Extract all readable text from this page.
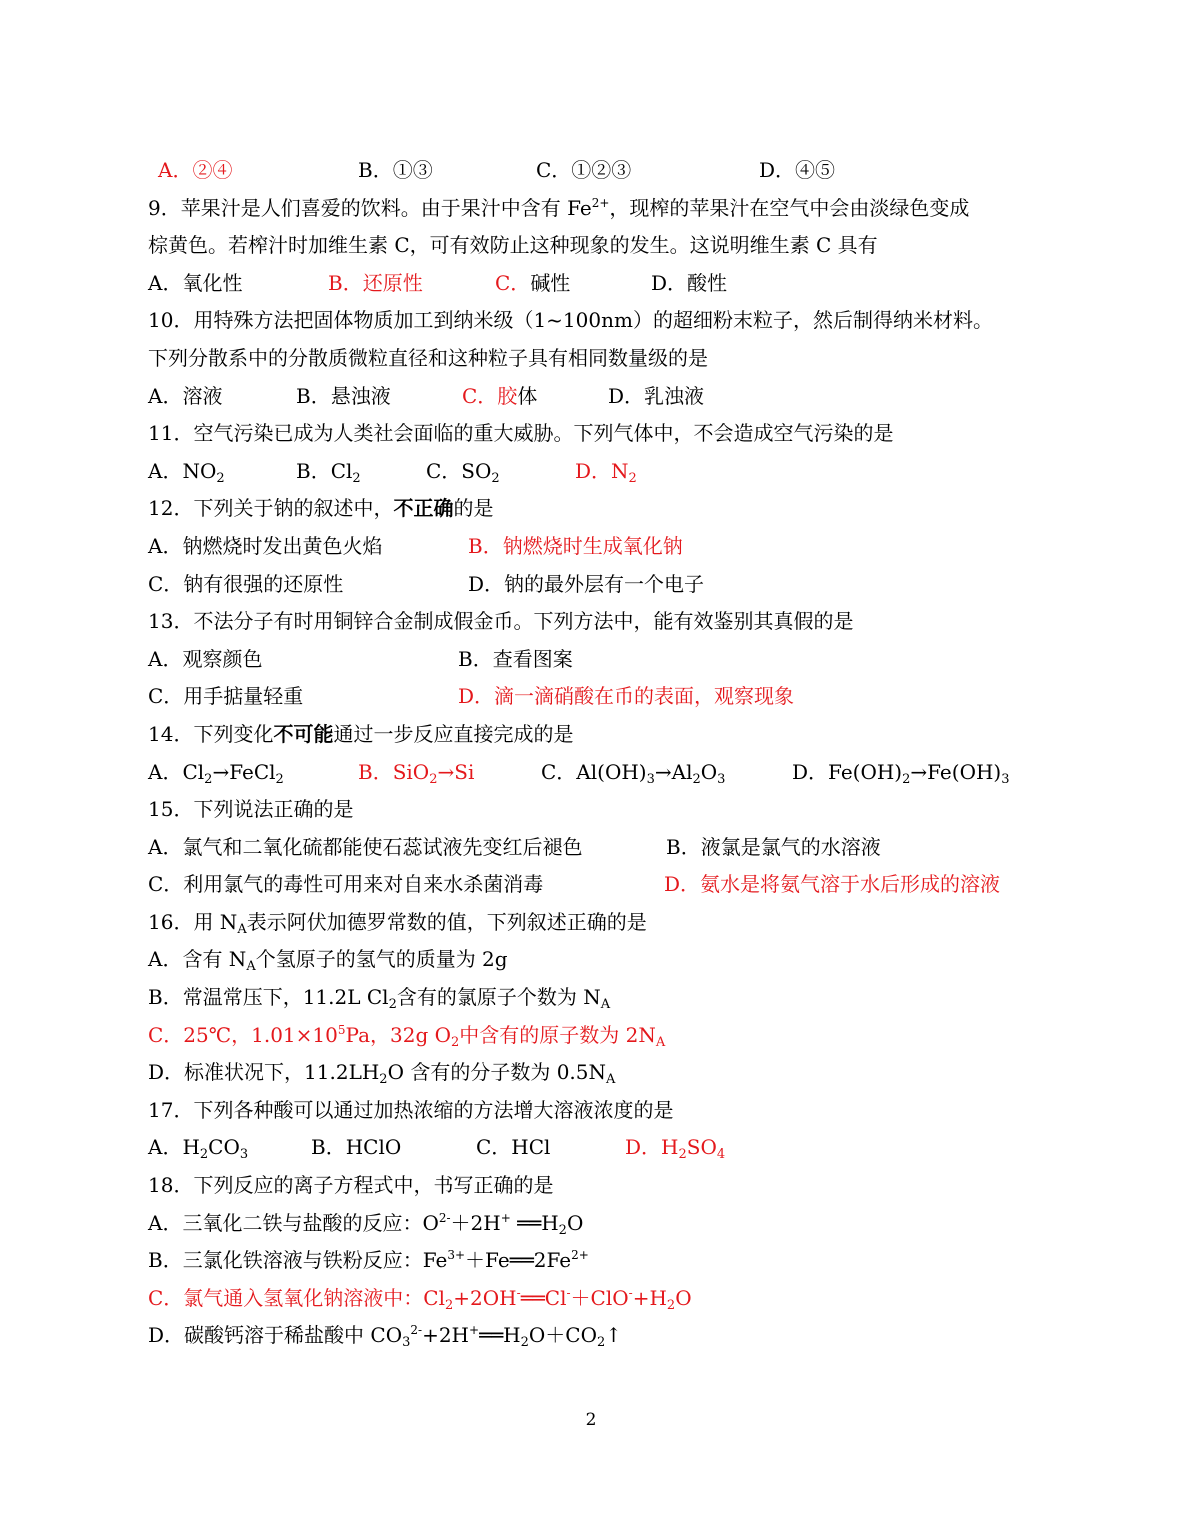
A．②④	B．①③	C．①②③	D．④⑤
9．苹果汁是人们喜爱的饮料。由于果汁中含有 $Fe^{2+}$，现榨的苹果汁在空气中会由淡绿色变成
棕黄色。若榨汁时加维生素 C，可有效防止这种现象的发生。这说明维生素 C 具有
A．氧化性	B．还原性	C．碱性	D．酸性
10．用特殊方法把固体物质加工到纳米级（1~100nm）的超细粉末粒子，然后制得纳米材料。
下列分散系中的分散质微粒直径和这种粒子具有相同数量级的是
A．溶液	B．悬浊液	C．胶体	D．乳浊液
11．空气污染已成为人类社会面临的重大威胁。下列气体中，不会造成空气污染的是
A．$NO_2$	B．$Cl_2$	C．$SO_2$	D．$N_2$
12．下列关于钠的叙述中，不正确的是
A．钠燃烧时发出黄色火焰	B．钠燃烧时生成氧化钠
C．钠有很强的还原性	D．钠的最外层有一个电子
13．不法分子有时用铜锌合金制成假金币。下列方法中，能有效鉴别其真假的是
A．观察颜色	B．查看图案
C．用手掂量轻重	D．滴一滴硝酸在币的表面，观察现象
14．下列变化不可能通过一步反应直接完成的是
A．$Cl_2\to FeCl_2$	B．SiO$_2$→Si	C．$Al(OH)_3\to Al_2O_3$	D．$Fe(OH)_2\to Fe(OH)_3$
15．下列说法正确的是
A．氯气和二氧化硫都能使石蕊试液先变红后褪色	B．液氯是氯气的水溶液
C．利用氯气的毒性可用来对自来水杀菌消毒	D．氨水是将氨气溶于水后形成的溶液
16．用 $N_A$表示阿伏加德罗常数的值，下列叙述正确的是
A．含有 $N_A$个氢原子的氢气的质量为 2g
B．常温常压下，11.2L $Cl_2$含有的氯原子个数为 $N_A$
C．25℃，$1.01\times 10^5Pa$，32g $O_2$中含有的原子数为 $2N_A$
D．标准状况下，$11.2LH_2O$ 含有的分子数为 $0.5N_A$
17．下列各种酸可以通过加热浓缩的方法增大溶液浓度的是
A．$H_2CO_3$	B．HClO	C．HCl	D．$H_2SO_4$
18．下列反应的离子方程式中，书写正确的是
A．三氧化二铁与盐酸的反应：$O^{2-}+2H^+$ $══H_2O$
B．三氯化铁溶液与铁粉反应：$Fe^{3+}+Fe══2Fe^{2+}$
C．氯气通入氢氧化钠溶液中：$Cl_2+2OH^-══Cl^-+ClO^-+H_2O$
D．碳酸钙溶于稀盐酸中 $CO_3^{2-}+2H^+══H_2O+CO_2↑$
2
